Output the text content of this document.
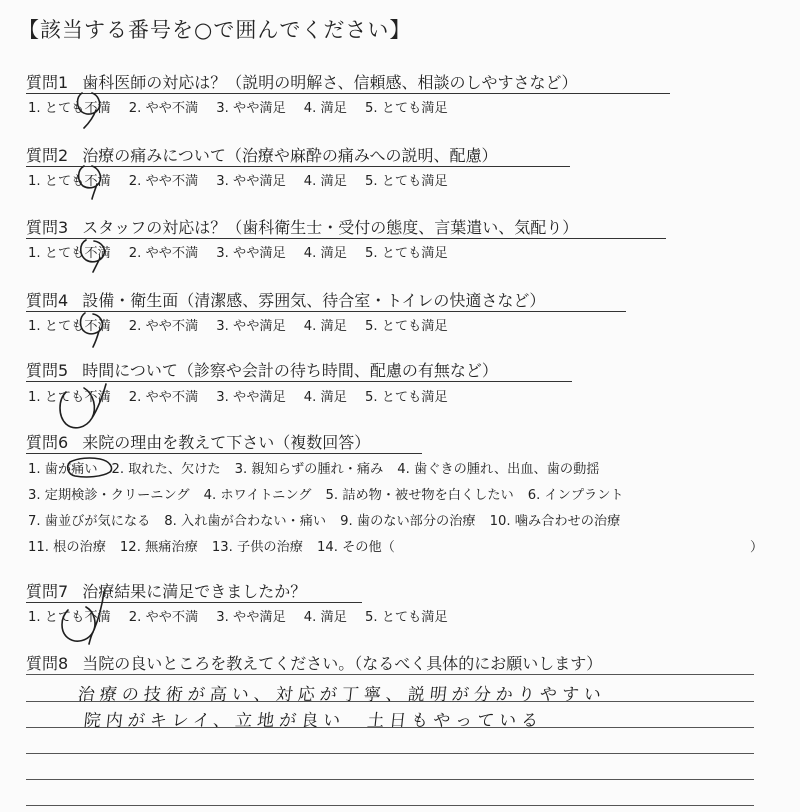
【該当する番号を○で囲んでください】
質問1 歯科医師の対応は？（説明の明解さ、信頼感、相談のしやすさなど）
1. とても不満 2. やや不満 3. やや満足 4. 満足 5. とても満足
質問2 治療の痛みについて（治療や麻酔の痛みへの説明、配慮）
1. とても不満 2. やや不満 3. やや満足 4. 満足 5. とても満足
質問3 スタッフの対応は？（歯科衛生士・受付の態度、言葉遣い、気配り）
1. とても不満 2. やや不満 3. やや満足 4. 満足 5. とても満足
質問4 設備・衛生面（清潔感、雰囲気、待合室・トイレの快適さなど）
1. とても不満 2. やや不満 3. やや満足 4. 満足 5. とても満足
質問5 時間について（診察や会計の待ち時間、配慮の有無など）
1. とても不満 2. やや不満 3. やや満足 4. 満足 5. とても満足
質問6 来院の理由を教えて下さい（複数回答）
1. 歯が痛い 2. 取れた、欠けた 3. 親知らずの腫れ・痛み 4. 歯ぐきの腫れ、出血、歯の動揺
3. 定期検診・クリーニング 4. ホワイトニング 5. 詰め物・被せ物を白くしたい 6. インプラント
7. 歯並びが気になる 8. 入れ歯が合わない・痛い 9. 歯のない部分の治療 10. 噛み合わせの治療
11. 根の治療 12. 無痛治療 13. 子供の治療 14. その他（	）
質問7 治療結果に満足できましたか？
1. とても不満 2. やや不満 3. やや満足 4. 満足 5. とても満足
質問8 当院の良いところを教えてください。（なるべく具体的にお願いします）
治療の技術が高い、対応が丁寧、説明が分かりやすい
院内がキレイ、立地が良い　土日もやっている
